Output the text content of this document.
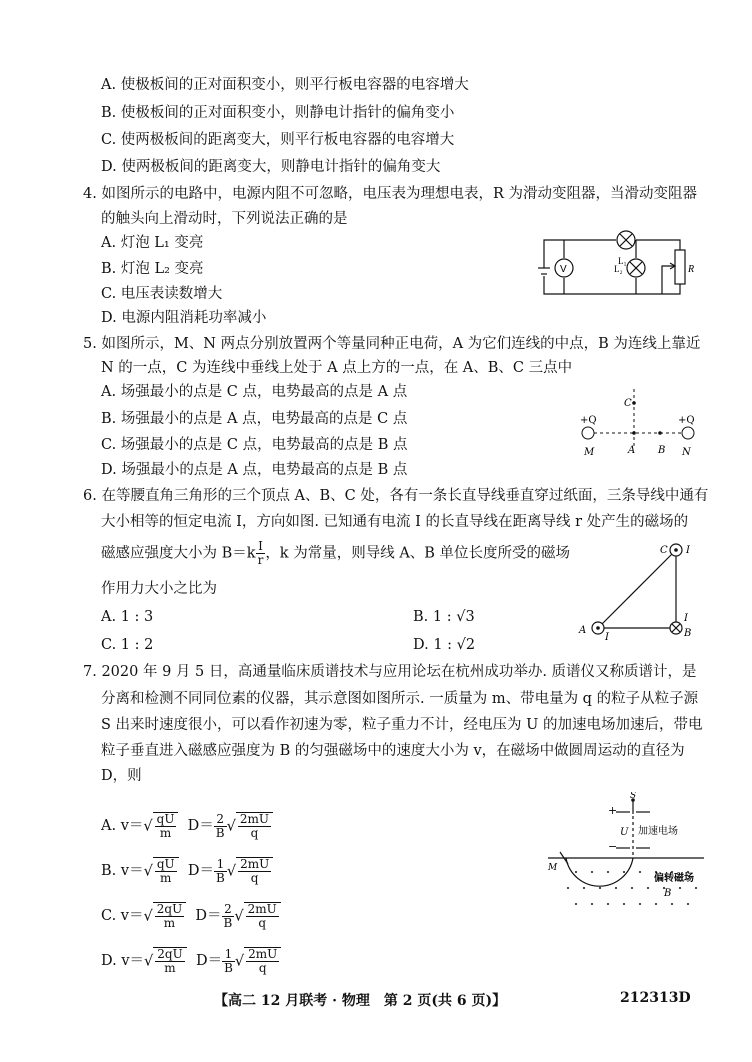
A. 使极板间的正对面积变小，则平行板电容器的电容增大
B. 使极板间的正对面积变小，则静电计指针的偏角变小
C. 使两极板间的距离变大，则平行板电容器的电容增大
D. 使两极板间的距离变大，则静电计指针的偏角变大
4. 如图所示的电路中，电源内阻不可忽略，电压表为理想电表，R 为滑动变阻器，当滑动变阻器
的触头向上滑动时，下列说法正确的是
A. 灯泡 L₁ 变亮
B. 灯泡 L₂ 变亮
C. 电压表读数增大
D. 电源内阻消耗功率减小
V
L₁
L₂	R
5. 如图所示，M、N 两点分别放置两个等量同种正电荷，A 为它们连线的中点，B 为连线上靠近
N 的一点，C 为连线中垂线上处于 A 点上方的一点，在 A、B、C 三点中
A. 场强最小的点是 C 点，电势最高的点是 A 点
B. 场强最小的点是 A 点，电势最高的点是 C 点
C. 场强最小的点是 C 点，电势最高的点是 B 点
D. 场强最小的点是 A 点，电势最高的点是 B 点
+Q	+Q
M	N
A B
C
6. 在等腰直角三角形的三个顶点 A、B、C 处，各有一条长直导线垂直穿过纸面，三条导线中通有
大小相等的恒定电流 I，方向如图. 已知通有电流 I 的长直导线在距离导线 r 处产生的磁场的
磁感应强度大小为 $B=k \frac{I}{r}$ ，k 为常量，则导线 A、B 单位长度所受的磁场
作用力大小之比为
A. 1 : 3	B. 1 : √3
C. 1 : 2	D. 1 : √2
A	B
C
I
I
I
7. 2020 年 9 月 5 日，高通量临床质谱技术与应用论坛在杭州成功举办. 质谱仪又称质谱计，是
分离和检测不同同位素的仪器，其示意图如图所示. 一质量为 m、带电量为 q 的粒子从粒子源
S 出来时速度很小，可以看作初速为零，粒子重力不计，经电压为 U 的加速电场加速后，带电
粒子垂直进入磁感应强度为 B 的匀强磁场中的速度大小为 v，在磁场中做圆周运动的直径为
D，则
A. $v=√ \frac{qU}{m} D= \frac{2}{B}$ √ $\frac{2mU}{q}$
B. $v=√ \frac{qU}{m} D= \frac{1}{B}$ √ $\frac{2mU}{q}$
C. $v=√ \frac{2qU}{m} D= \frac{2}{B}$ √ $\frac{2mU}{q}$
D. $v=√ \frac{2qU}{m} D= \frac{1}{B}$ √ $\frac{2mU}{q}$
+
−
S
U 加速电场
偏转磁场
B
M
【高二 12 月联考 · 物理　第 2 页(共 6 页)】	212313D
